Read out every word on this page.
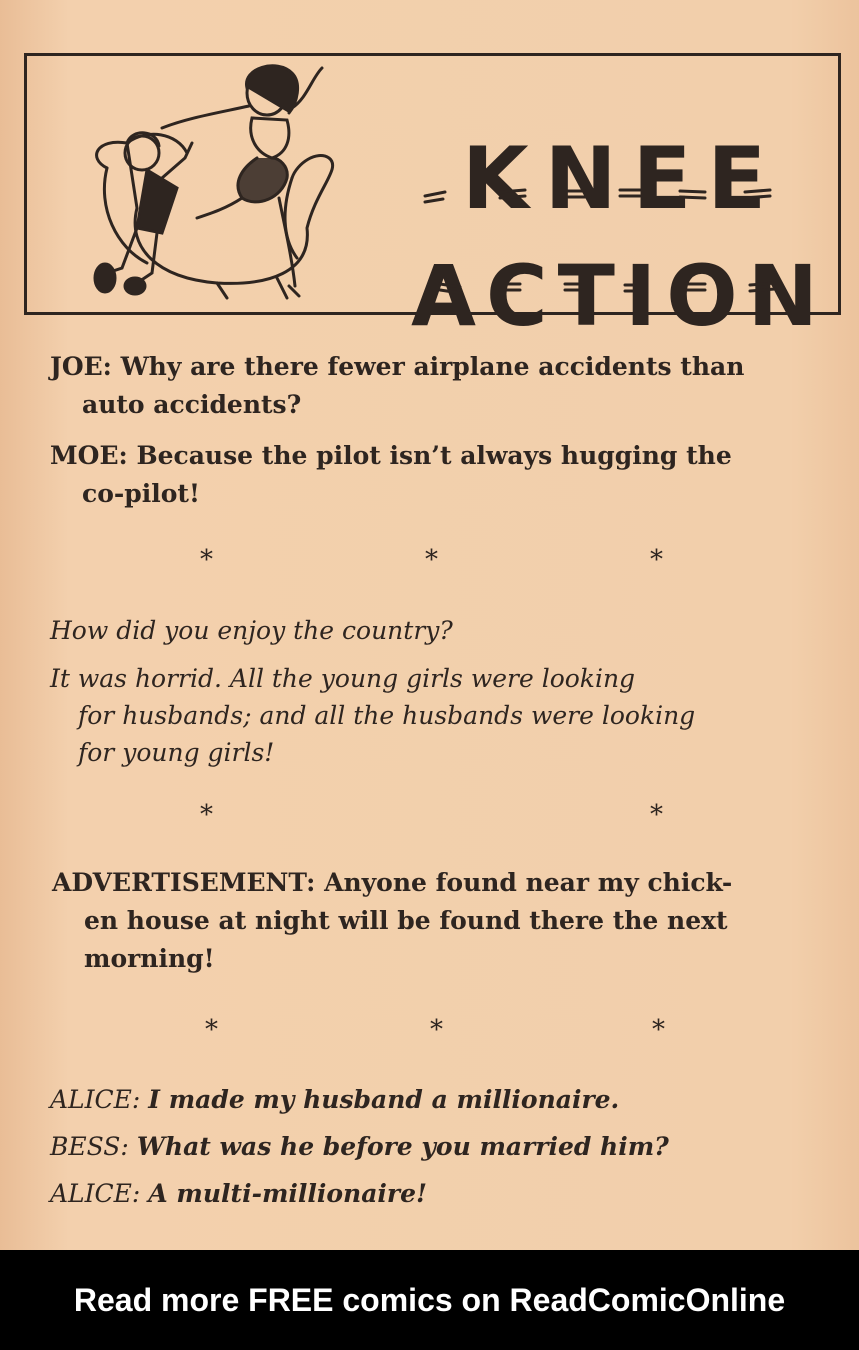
KNEE
ACTION
JOE: Why are there fewer airplane accidents than
auto accidents?
MOE: Because the pilot isn’t always hugging the
co-pilot!
*	*	*
How did you enjoy the country?
It was horrid. All the young girls were looking
for husbands; and all the husbands were looking
for young girls!
*	*
ADVERTISEMENT: Anyone found near my chick-
en house at night will be found there the next
morning!
*	*	*
ALICE: I made my husband a millionaire.
BESS: What was he before you married him?
ALICE: A multi-millionaire!
Read more FREE comics on ReadComicOnline
